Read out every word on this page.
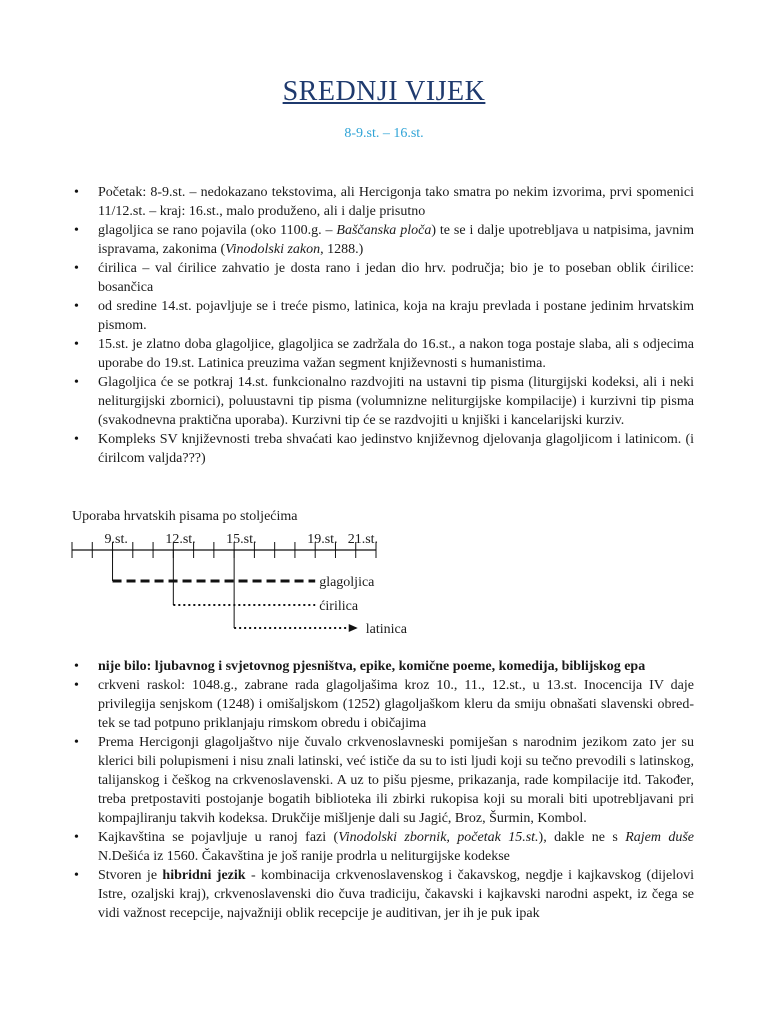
SREDNJI VIJEK

8-9.st. – 16.st.

• Početak: 8-9.st. – nedokazano tekstovima, ali Hercigonja tako smatra po nekim izvorima, prvi spomenici 11/12.st. – kraj: 16.st., malo produženo, ali i dalje prisutno
• glagoljica se rano pojavila (oko 1100.g. – Baščanska ploča) te se i dalje upotrebljava u natpisima, javnim ispravama, zakonima (Vinodolski zakon, 1288.)
• ćirilica – val ćirilice zahvatio je dosta rano i jedan dio hrv. područja; bio je to poseban oblik ćirilice: bosančica
• od sredine 14.st. pojavljuje se i treće pismo, latinica, koja na kraju prevlada i postane jedinim hrvatskim pismom.
• 15.st. je zlatno doba glagoljice, glagoljica se zadržala do 16.st., a nakon toga postaje slaba, ali s odjecima uporabe do 19.st. Latinica preuzima važan segment književnosti s humanistima.
• Glagoljica će se potkraj 14.st. funkcionalno razdvojiti na ustavni tip pisma (liturgijski kodeksi, ali i neki neliturgijski zbornici), poluustavni tip pisma (volumnizne neliturgijske kompilacije) i kurzivni tip pisma (svakodnevna praktična uporaba). Kurzivni tip će se razdvojiti u knjiški i kancelarijski kurziv.
• Kompleks SV književnosti treba shvaćati kao jedinstvo književnog djelovanja glagoljicom i latinicom. (i ćirilcom valjda???)

Uporaba hrvatskih pisama po stoljećima

9.st.	12.st. 15.st.	19.st. 21.st.
glagoljica
ćirilica
latinica
• nije bilo: ljubavnog i svjetovnog pjesništva, epike, komične poeme, komedija, biblijskog epa
• crkveni raskol: 1048.g., zabrane rada glagoljašima kroz 10., 11., 12.st., u 13.st. Inocencija IV daje privilegija senjskom (1248) i omišaljskom (1252) glagoljaškom kleru da smiju obnašati slavenski obred- tek se tad potpuno priklanjaju rimskom obredu i običajima
• Prema Hercigonji glagoljaštvo nije čuvalo crkvenoslavneski pomiješan s narodnim jezikom zato jer su klerici bili polupismeni i nisu znali latinski, već ističe da su to isti ljudi koji su tečno prevodili s latinskog, talijanskog i češkog na crkvenoslavenski. A uz to pišu pjesme, prikazanja, rade kompilacije itd. Također, treba pretpostaviti postojanje bogatih biblioteka ili zbirki rukopisa koji su morali biti upotrebljavani pri kompajliranju takvih kodeksa. Drukčije mišljenje dali su Jagić, Broz, Šurmin, Kombol.
• Kajkavština se pojavljuje u ranoj fazi (Vinodolski zbornik, početak 15.st.), dakle ne s Rajem duše N.Dešića iz 1560. Čakavština je još ranije prodrla u neliturgijske kodekse
• Stvoren je hibridni jezik - kombinacija crkvenoslavenskog i čakavskog, negdje i kajkavskog (dijelovi Istre, ozaljski kraj), crkvenoslavenski dio čuva tradiciju, čakavski i kajkavski narodni aspekt, iz čega se vidi važnost recepcije, najvažniji oblik recepcije je auditivan, jer ih je puk ipak
